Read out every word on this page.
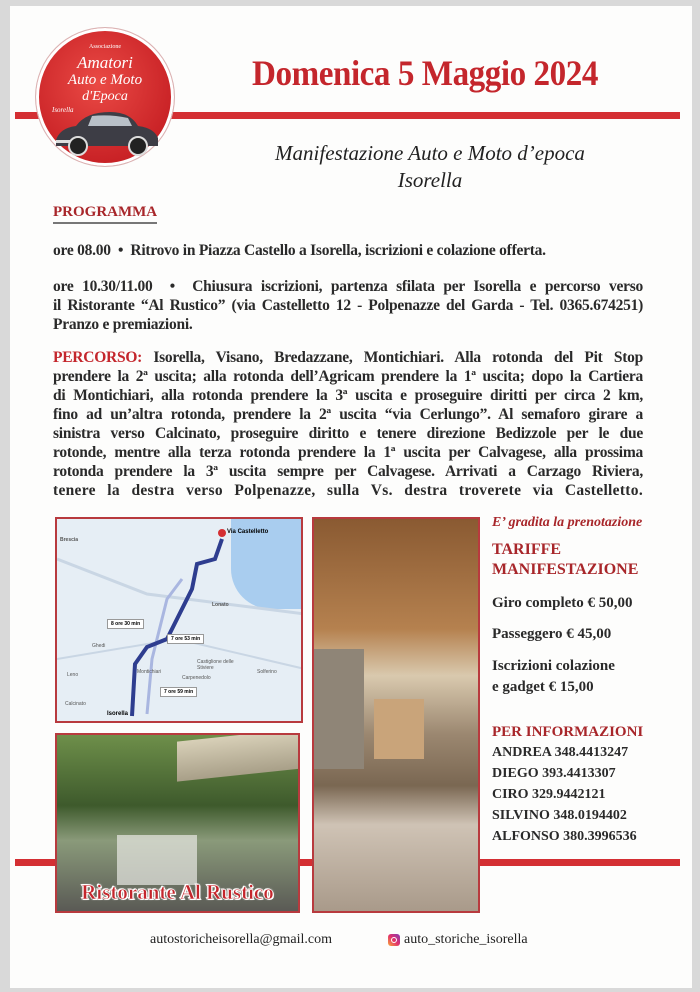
Associazione
Amatori
Auto e Moto
d'Epoca
Isorella
Domenica 5 Maggio 2024
Manifestazione Auto e Moto d’epoca
Isorella
PROGRAMMA
ore 08.00  •  Ritrovo in Piazza Castello a Isorella, iscrizioni e colazione offerta.
ore 10.30/11.00  •  Chiusura iscrizioni, partenza sfilata per Isorella e percorso verso
il Ristorante “Al Rustico” (via Castelletto 12 - Polpenazze del Garda - Tel. 0365.674251)
Pranzo e premiazioni.
PERCORSO: Isorella, Visano, Bredazzane, Montichiari. Alla rotonda del Pit Stop
prendere la 2ª uscita; alla rotonda dell’Agricam prendere la 1ª uscita; dopo la Cartiera
di Montichiari, alla rotonda prendere la 3ª uscita e proseguire diritti per circa 2 km,
fino ad un’altra rotonda, prendere la 2ª uscita “via Cerlungo”. Al semaforo girare a
sinistra verso Calcinato, proseguire diritto e tenere direzione Bedizzole per le due
rotonde, mentre alla terza rotonda prendere la 1ª uscita per Calvagese, alla prossima
rotonda prendere la 3ª uscita sempre per Calvagese. Arrivati a Carzago Riviera,
tenere la destra verso Polpenazze, sulla Vs. destra troverete via Castelletto.
Via Castelletto
Isorella
Brescia
Lonato
Montichiari
Calcinato
Castiglione delle Stiviere
Ghedi
Leno	Solferino
Carpenedolo
7 ore 53 min
8 ore 30 min
7 ore 59 min
Ristorante Al Rustico
E’ gradita la prenotazione
TARIFFE
MANIFESTAZIONE
Giro completo € 50,00
Passeggero € 45,00
Iscrizioni colazione
e gadget € 15,00
PER INFORMAZIONI
ANDREA 348.4413247
DIEGO 393.4413307
CIRO 329.9442121
SILVINO 348.0194402
ALFONSO 380.3996536
autostoricheisorella@gmail.com	auto_storiche_isorella
